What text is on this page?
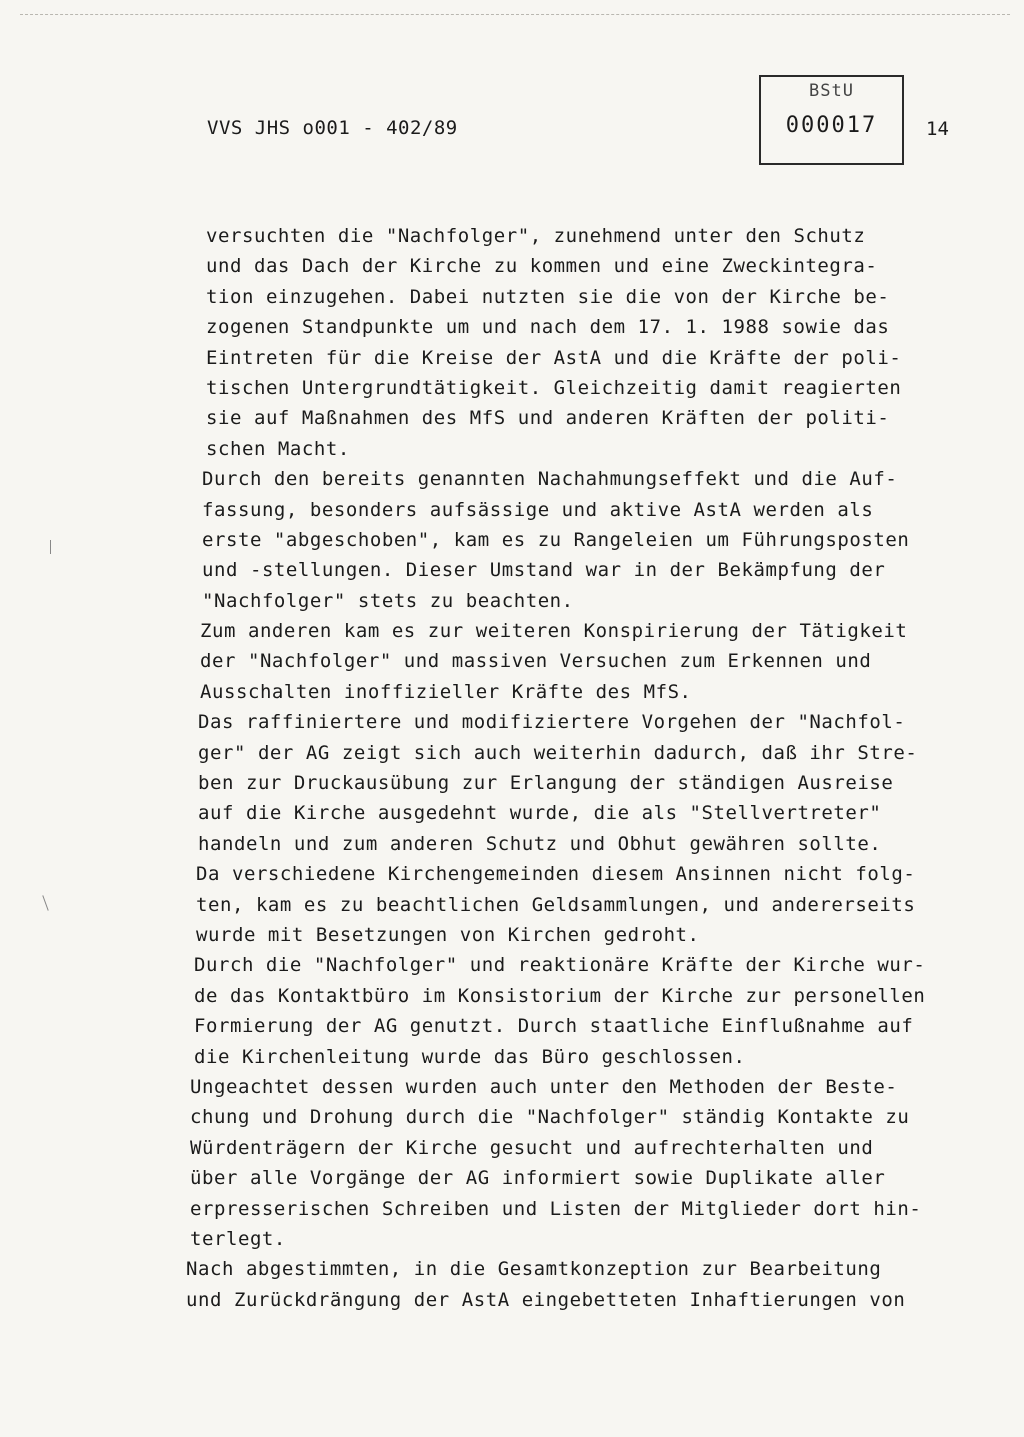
VVS JHS o001 - 402/89
BStU
000017	14
versuchten die "Nachfolger", zunehmend unter den Schutz
und das Dach der Kirche zu kommen und eine Zweckintegra-
tion einzugehen. Dabei nutzten sie die von der Kirche be-
zogenen Standpunkte um und nach dem 17. 1. 1988 sowie das
Eintreten für die Kreise der AstA und die Kräfte der poli-
tischen Untergrundtätigkeit. Gleichzeitig damit reagierten
sie auf Maßnahmen des MfS und anderen Kräften der politi-
schen Macht.
Durch den bereits genannten Nachahmungseffekt und die Auf-
fassung, besonders aufsässige und aktive AstA werden als
erste "abgeschoben", kam es zu Rangeleien um Führungsposten
und -stellungen. Dieser Umstand war in der Bekämpfung der
"Nachfolger" stets zu beachten.
Zum anderen kam es zur weiteren Konspirierung der Tätigkeit
der "Nachfolger" und massiven Versuchen zum Erkennen und
Ausschalten inoffizieller Kräfte des MfS.
Das raffiniertere und modifiziertere Vorgehen der "Nachfol-
ger" der AG zeigt sich auch weiterhin dadurch, daß ihr Stre-
ben zur Druckausübung zur Erlangung der ständigen Ausreise
auf die Kirche ausgedehnt wurde, die als "Stellvertreter"
handeln und zum anderen Schutz und Obhut gewähren sollte.
Da verschiedene Kirchengemeinden diesem Ansinnen nicht folg-
ten, kam es zu beachtlichen Geldsammlungen, und andererseits
wurde mit Besetzungen von Kirchen gedroht.
Durch die "Nachfolger" und reaktionäre Kräfte der Kirche wur-
de das Kontaktbüro im Konsistorium der Kirche zur personellen
Formierung der AG genutzt. Durch staatliche Einflußnahme auf
die Kirchenleitung wurde das Büro geschlossen.
Ungeachtet dessen wurden auch unter den Methoden der Beste-
chung und Drohung durch die "Nachfolger" ständig Kontakte zu
Würdenträgern der Kirche gesucht und aufrechterhalten und
über alle Vorgänge der AG informiert sowie Duplikate aller
erpresserischen Schreiben und Listen der Mitglieder dort hin-
terlegt.
Nach abgestimmten, in die Gesamtkonzeption zur Bearbeitung
und Zurückdrängung der AstA eingebetteten Inhaftierungen von
